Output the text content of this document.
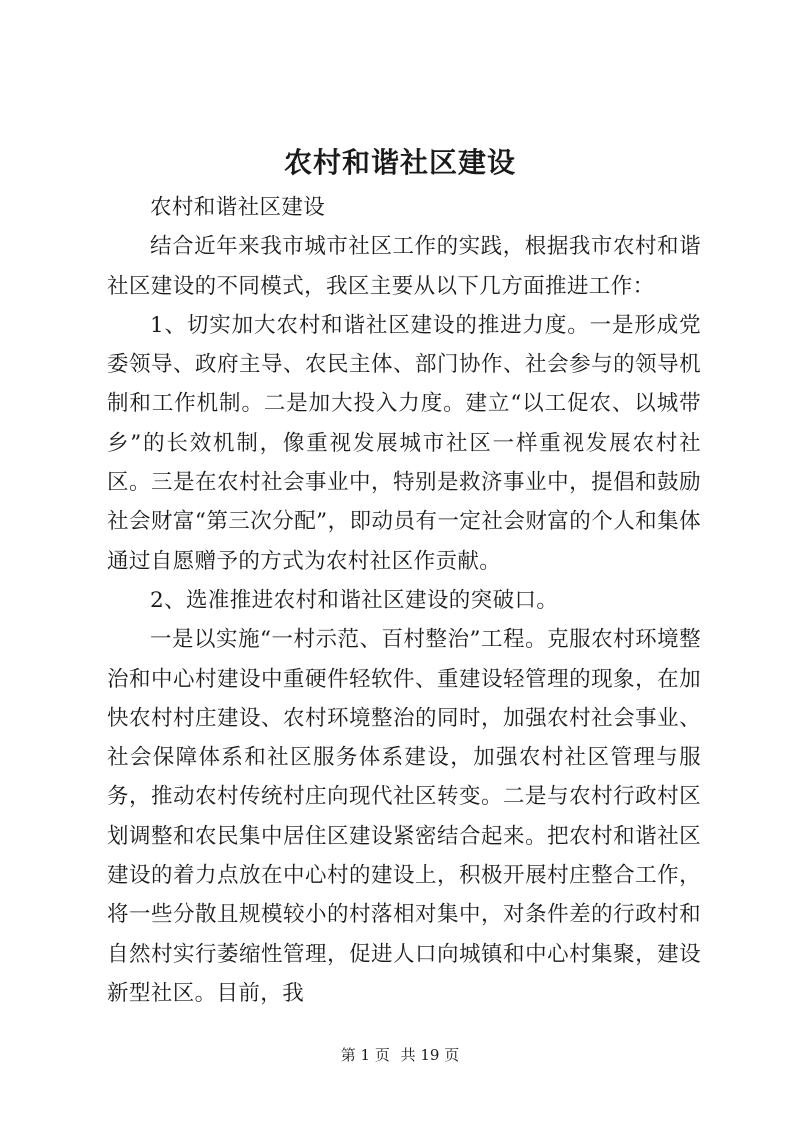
农村和谐社区建设

农村和谐社区建设

结合近年来我市城市社区工作的实践，根据我市农村和谐社区建设的不同模式，我区主要从以下几方面推进工作：

1、切实加大农村和谐社区建设的推进力度。一是形成党委领导、政府主导、农民主体、部门协作、社会参与的领导机制和工作机制。二是加大投入力度。建立“以工促农、以城带乡”的长效机制，像重视发展城市社区一样重视发展农村社区。三是在农村社会事业中，特别是救济事业中，提倡和鼓励社会财富“第三次分配”，即动员有一定社会财富的个人和集体通过自愿赠予的方式为农村社区作贡献。

2、选准推进农村和谐社区建设的突破口。

一是以实施“一村示范、百村整治”工程。克服农村环境整治和中心村建设中重硬件轻软件、重建设轻管理的现象，在加快农村村庄建设、农村环境整治的同时，加强农村社会事业、社会保障体系和社区服务体系建设，加强农村社区管理与服务，推动农村传统村庄向现代社区转变。二是与农村行政村区划调整和农民集中居住区建设紧密结合起来。把农村和谐社区建设的着力点放在中心村的建设上，积极开展村庄整合工作，将一些分散且规模较小的村落相对集中，对条件差的行政村和自然村实行萎缩性管理，促进人口向城镇和中心村集聚，建设新型社区。目前，我

第 1 页 共 19 页
